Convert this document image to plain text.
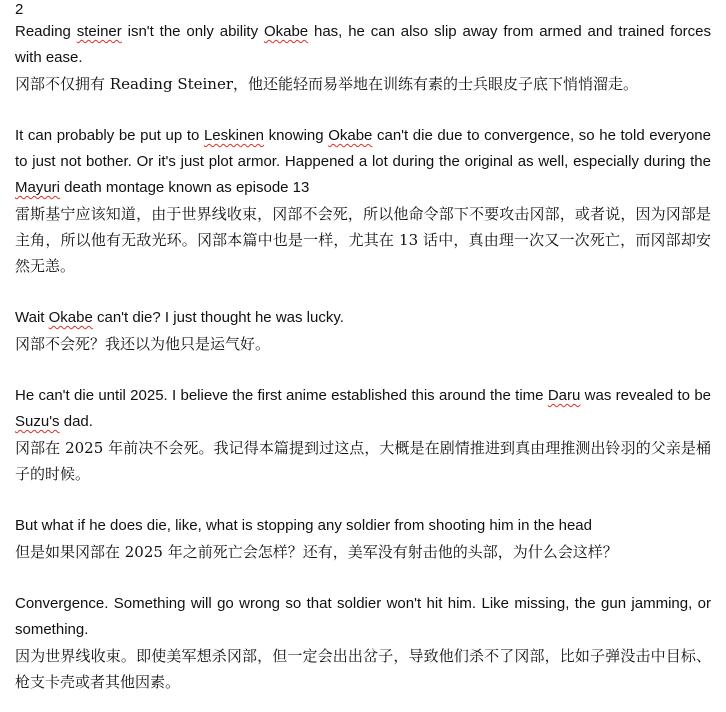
2

Reading steiner isn't the only ability Okabe has, he can also slip away from armed and trained forces with ease.

冈部不仅拥有 Reading Steiner，他还能轻而易举地在训练有素的士兵眼皮子底下悄悄溜走。

It can probably be put up to Leskinen knowing Okabe can't die due to convergence, so he told everyone to just not bother. Or it's just plot armor. Happened a lot during the original as well, especially during the Mayuri death montage known as episode 13

雷斯基宁应该知道，由于世界线收束，冈部不会死，所以他命令部下不要攻击冈部，或者说，因为冈部是主角，所以他有无敌光环。冈部本篇中也是一样，尤其在 13 话中，真由理一次又一次死亡，而冈部却安然无恙。

Wait Okabe can't die? I just thought he was lucky.

冈部不会死？我还以为他只是运气好。

He can't die until 2025. I believe the first anime established this around the time Daru was revealed to be Suzu's dad.

冈部在 2025 年前决不会死。我记得本篇提到过这点，大概是在剧情推进到真由理推测出铃羽的父亲是桶子的时候。

But what if he does die, like, what is stopping any soldier from shooting him in the head

但是如果冈部在 2025 年之前死亡会怎样？还有，美军没有射击他的头部，为什么会这样？

Convergence. Something will go wrong so that soldier won't hit him. Like missing, the gun jamming, or something.

因为世界线收束。即使美军想杀冈部，但一定会出出岔子，导致他们杀不了冈部，比如子弹没击中目标、枪支卡壳或者其他因素。
